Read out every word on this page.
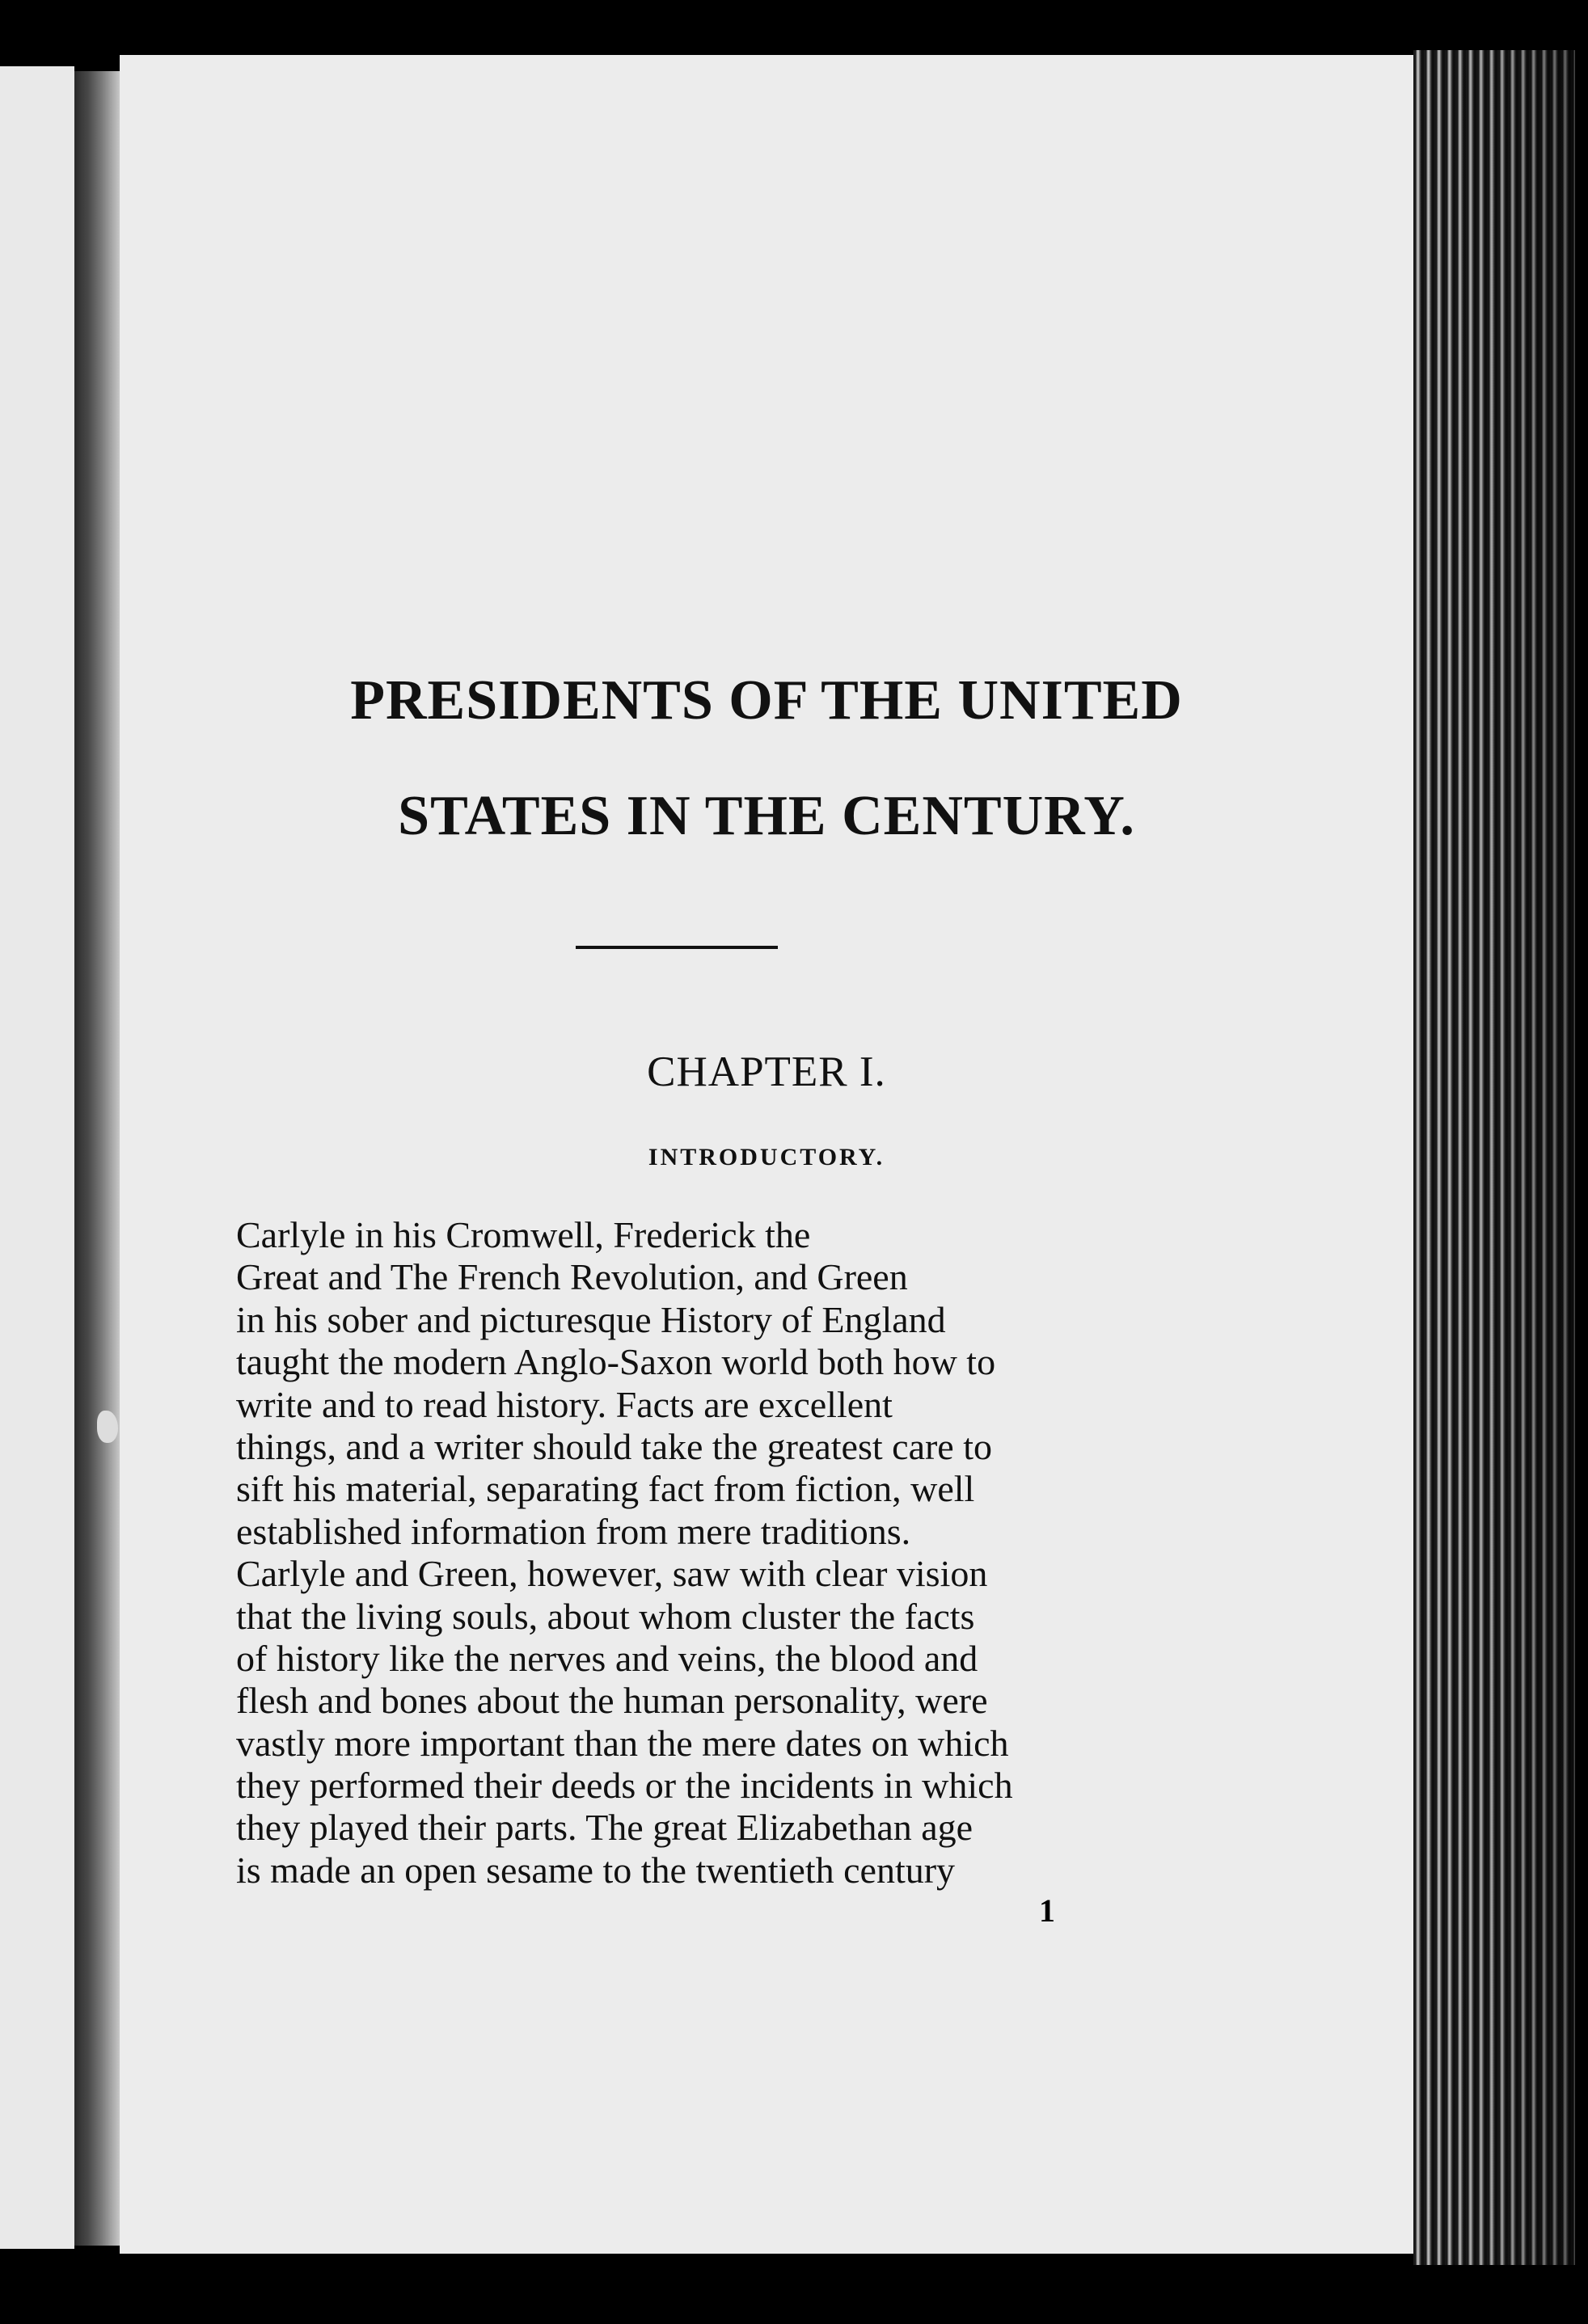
PRESIDENTS OF THE UNITED
STATES IN THE CENTURY.
CHAPTER I.
INTRODUCTORY.
Carlyle in his Cromwell, Frederick the
Great and The French Revolution, and Green
in his sober and picturesque History of England
taught the modern Anglo-Saxon world both how to
write and to read history. Facts are excellent
things, and a writer should take the greatest care to
sift his material, separating fact from fiction, well
established information from mere traditions.
Carlyle and Green, however, saw with clear vision
that the living souls, about whom cluster the facts
of history like the nerves and veins, the blood and
flesh and bones about the human personality, were
vastly more important than the mere dates on which
they performed their deeds or the incidents in which
they played their parts. The great Elizabethan age
is made an open sesame to the twentieth century
1
